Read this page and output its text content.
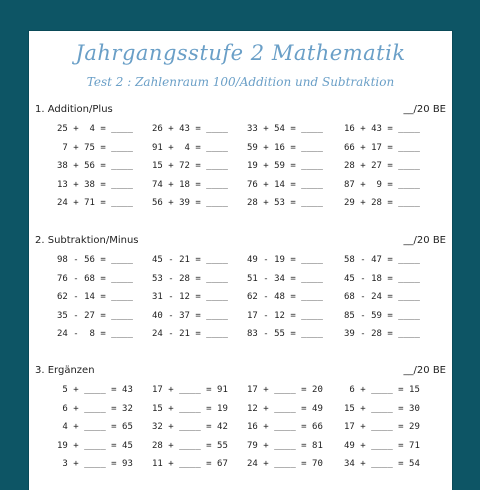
Jahrgangsstufe 2 Mathematik
Test 2 : Zahlenraum 100/Addition und Subtraktion
1. Addition/Plus	__/20 BE
25 +  4 = ____	26 + 43 = ____	33 + 54 = ____	16 + 43 = ____
7 + 75 = ____	91 +  4 = ____	59 + 16 = ____	66 + 17 = ____
38 + 56 = ____	15 + 72 = ____	19 + 59 = ____	28 + 27 = ____
13 + 38 = ____	74 + 18 = ____	76 + 14 = ____	87 +  9 = ____
24 + 71 = ____	56 + 39 = ____	28 + 53 = ____	29 + 28 = ____
2. Subtraktion/Minus	__/20 BE
98 - 56 = ____	45 - 21 = ____	49 - 19 = ____	58 - 47 = ____
76 - 68 = ____	53 - 28 = ____	51 - 34 = ____	45 - 18 = ____
62 - 14 = ____	31 - 12 = ____	62 - 48 = ____	68 - 24 = ____
35 - 27 = ____	40 - 37 = ____	17 - 12 = ____	85 - 59 = ____
24 -  8 = ____	24 - 21 = ____	83 - 55 = ____	39 - 28 = ____
3. Ergänzen	__/20 BE
5 + ____ = 43	17 + ____ = 91	17 + ____ = 20	6 + ____ = 15
6 + ____ = 32	15 + ____ = 19	12 + ____ = 49	15 + ____ = 30
4 + ____ = 65	32 + ____ = 42	16 + ____ = 66	17 + ____ = 29
19 + ____ = 45	28 + ____ = 55	79 + ____ = 81	49 + ____ = 71
3 + ____ = 93	11 + ____ = 67	24 + ____ = 70	34 + ____ = 54
